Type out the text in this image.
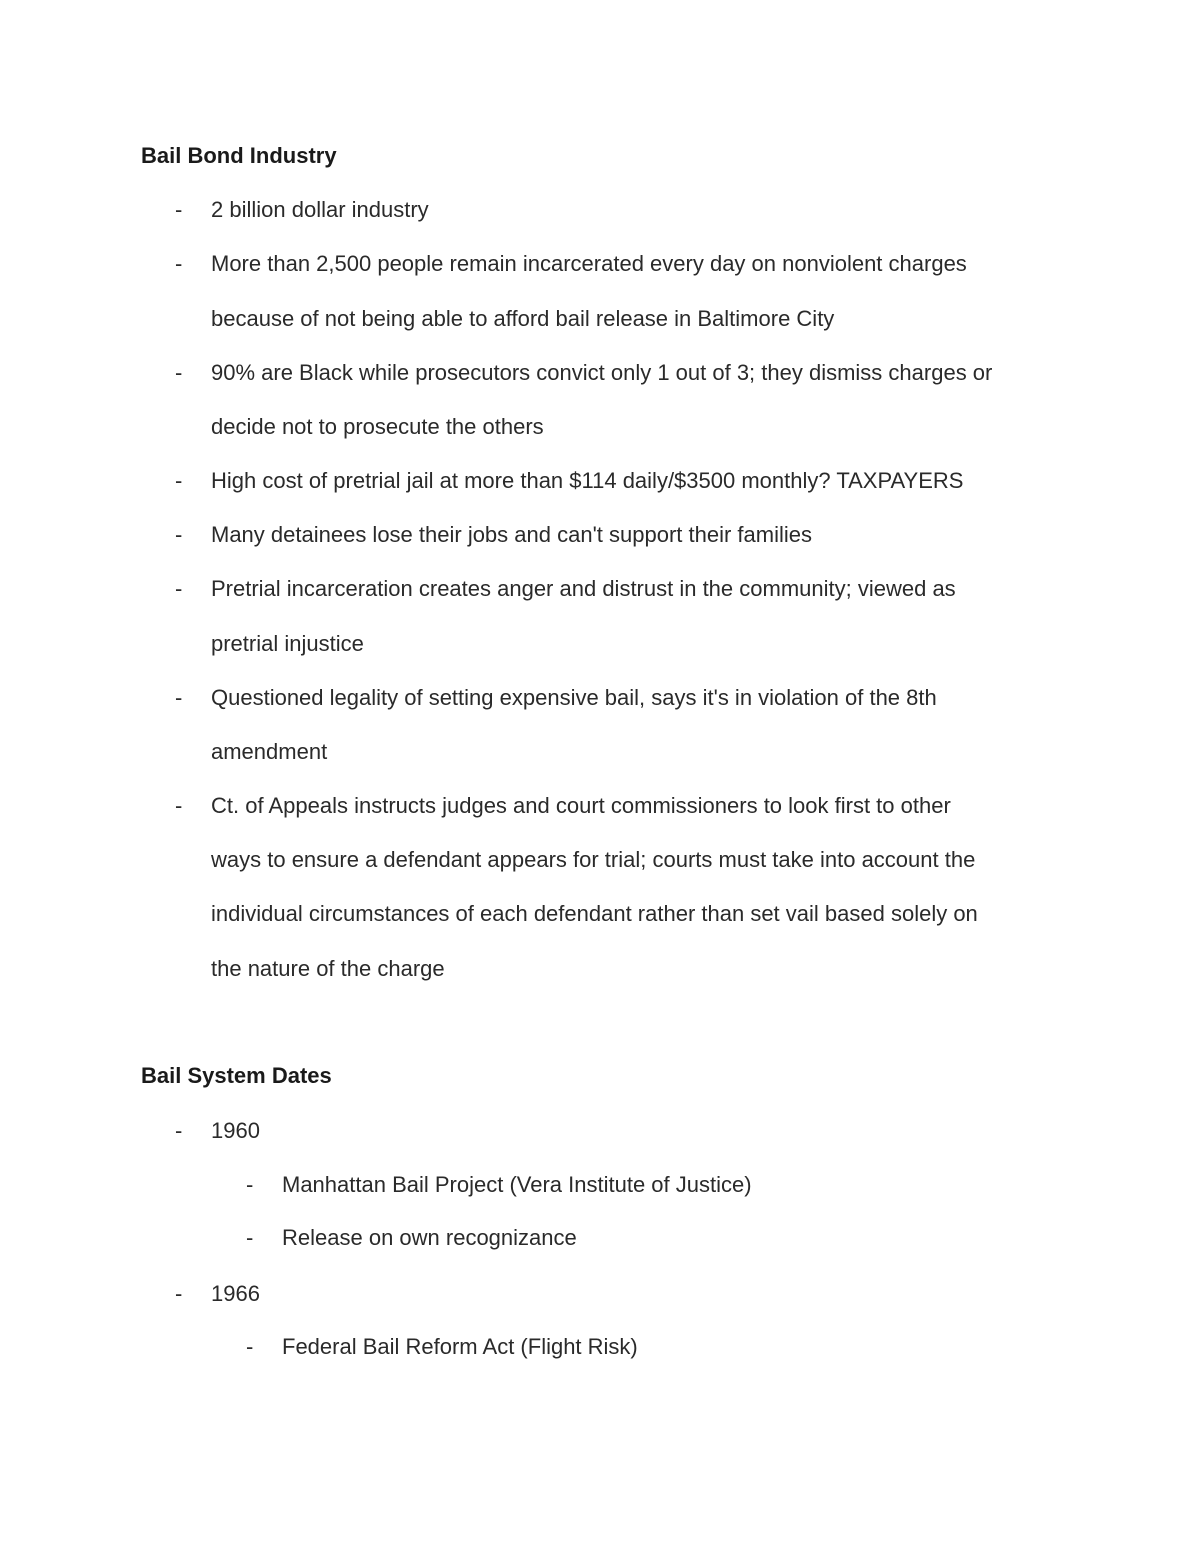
Bail Bond Industry
- 2 billion dollar industry
- More than 2,500 people remain incarcerated every day on nonviolent charges
because of not being able to afford bail release in Baltimore City
- 90% are Black while prosecutors convict only 1 out of 3; they dismiss charges or
decide not to prosecute the others
- High cost of pretrial jail at more than $114 daily/$3500 monthly? TAXPAYERS
- Many detainees lose their jobs and can't support their families
- Pretrial incarceration creates anger and distrust in the community; viewed as
pretrial injustice
- Questioned legality of setting expensive bail, says it's in violation of the 8th
amendment
- Ct. of Appeals instructs judges and court commissioners to look first to other
ways to ensure a defendant appears for trial; courts must take into account the
individual circumstances of each defendant rather than set vail based solely on
the nature of the charge
Bail System Dates
- 1960
- Manhattan Bail Project (Vera Institute of Justice)
- Release on own recognizance
- 1966
- Federal Bail Reform Act (Flight Risk)
